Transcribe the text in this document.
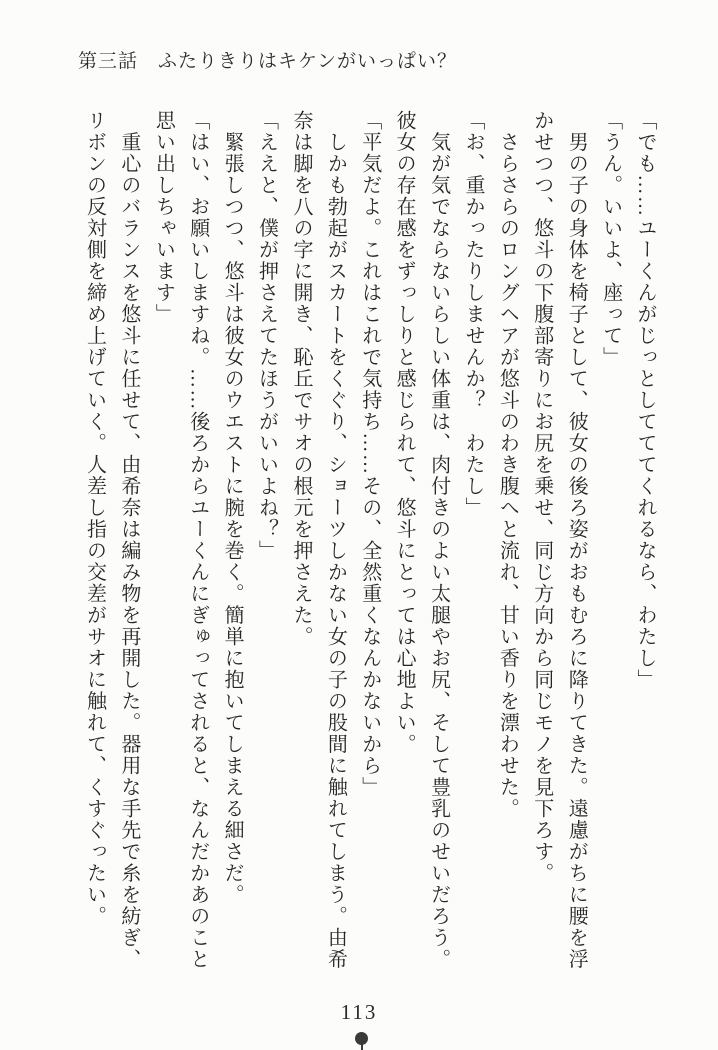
第三話　ふたりきりはキケンがいっぱい？
「でも……ユーくんがじっとしてててくれるなら、わたし」
「うん。いいよ、座って」
　男の子の身体を椅子として、彼女の後ろ姿がおもむろに降りてきた。遠慮がちに腰を浮
かせつつ、悠斗の下腹部寄りにお尻を乗せ、同じ方向から同じモノを見下ろす。
　さらさらのロングヘアが悠斗のわき腹へと流れ、甘い香りを漂わせた。
「お、重かったりしませんか？　わたし」
　気が気でならないらしい体重は、肉付きのよい太腿やお尻、そして豊乳のせいだろう。
彼女の存在感をずっしりと感じられて、悠斗にとっては心地よい。
「平気だよ。これはこれで気持ち……その、全然重くなんかないから」
　しかも勃起がスカートをくぐり、ショーツしかない女の子の股間に触れてしまう。由希
奈は脚を八の字に開き、恥丘でサオの根元を押さえた。
「ええと、僕が押さえてたほうがいいよね？」
　緊張しつつ、悠斗は彼女のウエストに腕を巻く。簡単に抱いてしまえる細さだ。
「はい、お願いしますね。……後ろからユーくんにぎゅってされると、なんだかあのこと
思い出しちゃいます」
　重心のバランスを悠斗に任せて、由希奈は編み物を再開した。器用な手先で糸を紡ぎ、
リボンの反対側を締め上げていく。人差し指の交差がサオに触れて、くすぐったい。
113
